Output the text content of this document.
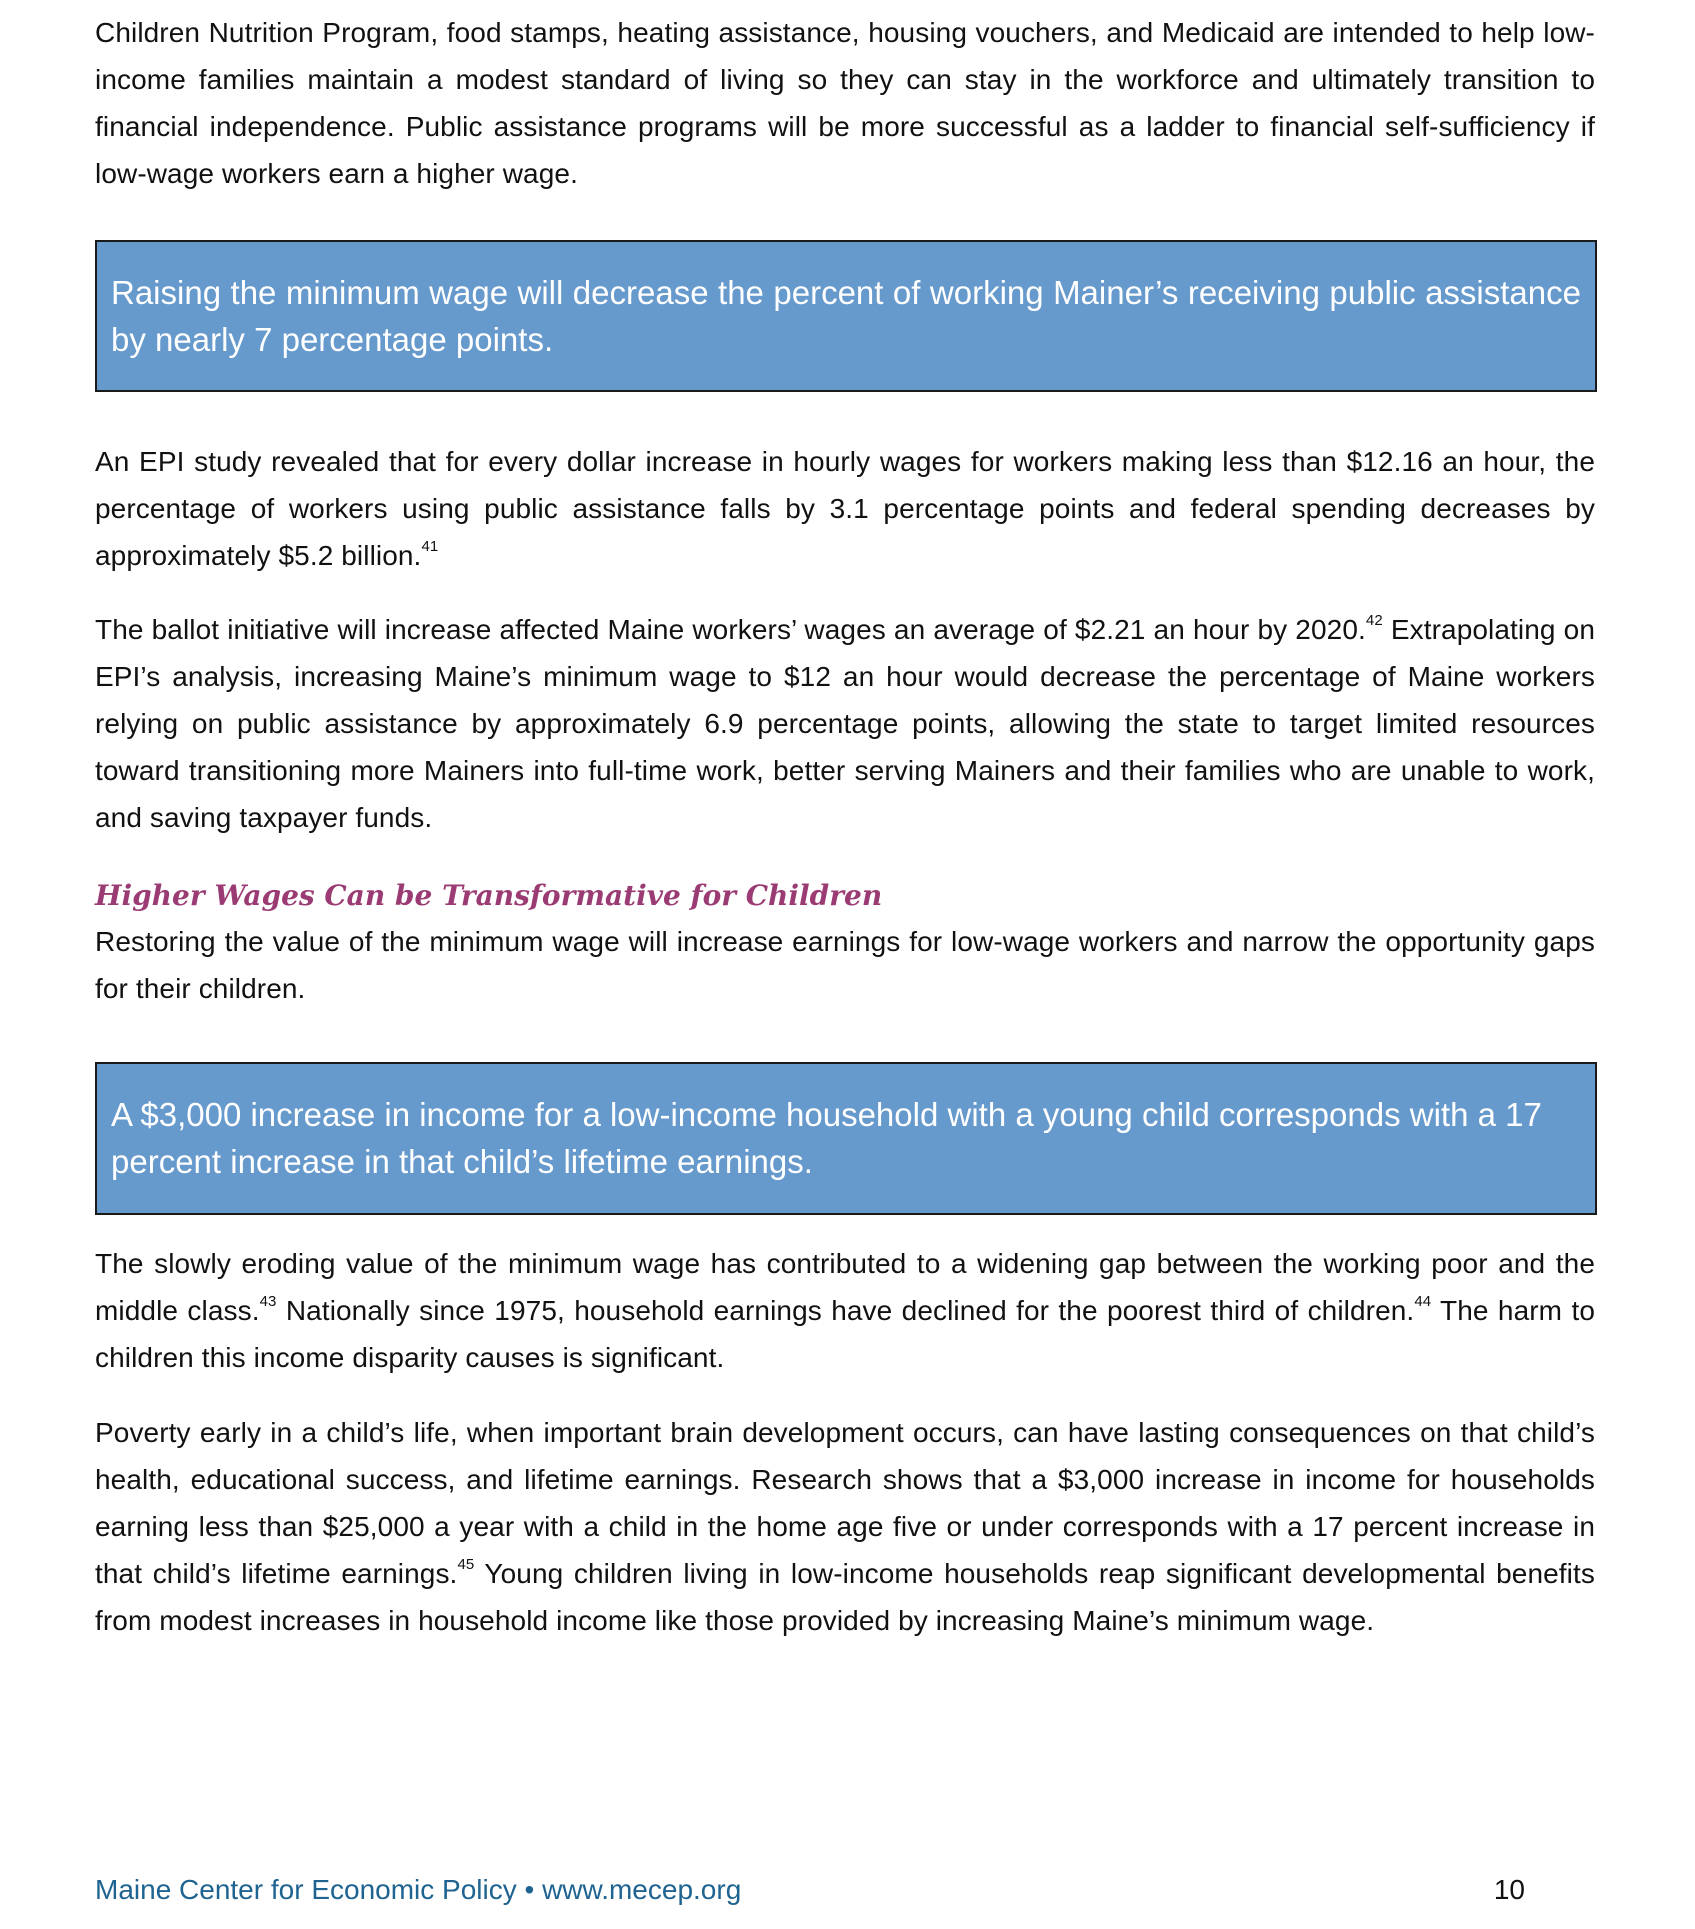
Children Nutrition Program, food stamps, heating assistance, housing vouchers, and Medicaid are intended to help low-income families maintain a modest standard of living so they can stay in the workforce and ultimately transition to financial independence. Public assistance programs will be more successful as a ladder to financial self-sufficiency if low-wage workers earn a higher wage.

Raising the minimum wage will decrease the percent of working Mainer’s receiving public assistance by nearly 7 percentage points.

An EPI study revealed that for every dollar increase in hourly wages for workers making less than $12.16 an hour, the percentage of workers using public assistance falls by 3.1 percentage points and federal spending decreases by approximately $5.2 billion.$^{41}$

The ballot initiative will increase affected Maine workers’ wages an average of $2.21 an hour by 2020.42 Extrapolating on EPI’s analysis, increasing Maine’s minimum wage to $12 an hour would decrease the percentage of Maine workers relying on public assistance by approximately 6.9 percentage points, allowing the state to target limited resources toward transitioning more Mainers into full-time work, better serving Mainers and their families who are unable to work, and saving taxpayer funds.

Higher Wages Can be Transformative for Children

Restoring the value of the minimum wage will increase earnings for low-wage workers and narrow the opportunity gaps for their children.

A $3,000 increase in income for a low-income household with a young child corresponds with a 17 percent increase in that child’s lifetime earnings.

The slowly eroding value of the minimum wage has contributed to a widening gap between the working poor and the middle class.$^{43}$ Nationally since 1975, household earnings have declined for the poorest third of children.$^{44}$ The harm to children this income disparity causes is significant.

Poverty early in a child’s life, when important brain development occurs, can have lasting consequences on that child’s health, educational success, and lifetime earnings. Research shows that a $3,000 increase in income for households earning less than $25,000 a year with a child in the home age five or under corresponds with a 17 percent increase in that child’s lifetime earnings.$^{45}$ Young children living in low-income households reap significant developmental benefits from modest increases in household income like those provided by increasing Maine’s minimum wage.

Maine Center for Economic Policy • www.mecep.org	10
